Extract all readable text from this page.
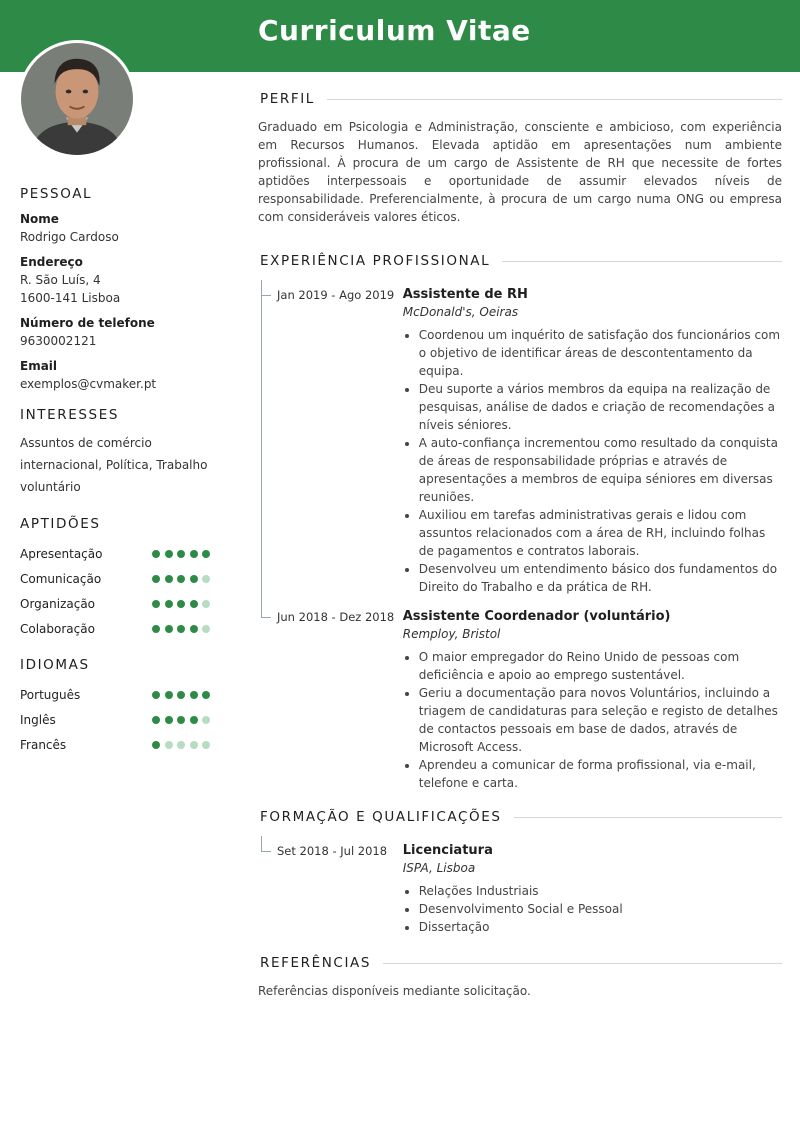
Curriculum Vitae
PESSOAL
Nome
Rodrigo Cardoso
Endereço
R. São Luís, 4
1600-141 Lisboa
Número de telefone
9630002121
Email
exemplos@cvmaker.pt
INTERESSES
Assuntos de comércio internacional, Política, Trabalho voluntário
APTIDÕES
Apresentação
Comunicação
Organização
Colaboração
IDIOMAS
Português
Inglês
Francês
PERFIL

Graduado em Psicologia e Administração, consciente e ambicioso, com experiência em Recursos Humanos. Elevada aptidão em apresentações num ambiente profissional. À procura de um cargo de Assistente de RH que necessite de fortes aptidões interpessoais e oportunidade de assumir elevados níveis de responsabilidade. Preferencialmente, à procura de um cargo numa ONG ou empresa com consideráveis valores éticos.

EXPERIÊNCIA PROFISSIONAL
Jan 2019 - Ago 2019 Assistente de RH
McDonald's, Oeiras
• Coordenou um inquérito de satisfação dos funcionários com o objetivo de identificar áreas de descontentamento da equipa.
• Deu suporte a vários membros da equipa na realização de pesquisas, análise de dados e criação de recomendações a níveis séniores.
• A auto-confiança incrementou como resultado da conquista de áreas de responsabilidade próprias e através de apresentações a membros de equipa séniores em diversas reuniões.
• Auxiliou em tarefas administrativas gerais e lidou com assuntos relacionados com a área de RH, incluindo folhas de pagamentos e contratos laborais.
• Desenvolveu um entendimento básico dos fundamentos do Direito do Trabalho e da prática de RH.
Jun 2018 - Dez 2018 Assistente Coordenador (voluntário)
Remploy, Bristol
• O maior empregador do Reino Unido de pessoas com deficiência e apoio ao emprego sustentável.
• Geriu a documentação para novos Voluntários, incluindo a triagem de candidaturas para seleção e registo de detalhes de contactos pessoais em base de dados, através de Microsoft Access.
• Aprendeu a comunicar de forma profissional, via e-mail, telefone e carta.
FORMAÇÃO E QUALIFICAÇÕES
Set 2018 - Jul 2018	Licenciatura
ISPA, Lisboa
• Relações Industriais
• Desenvolvimento Social e Pessoal
• Dissertação
REFERÊNCIAS

Referências disponíveis mediante solicitação.
